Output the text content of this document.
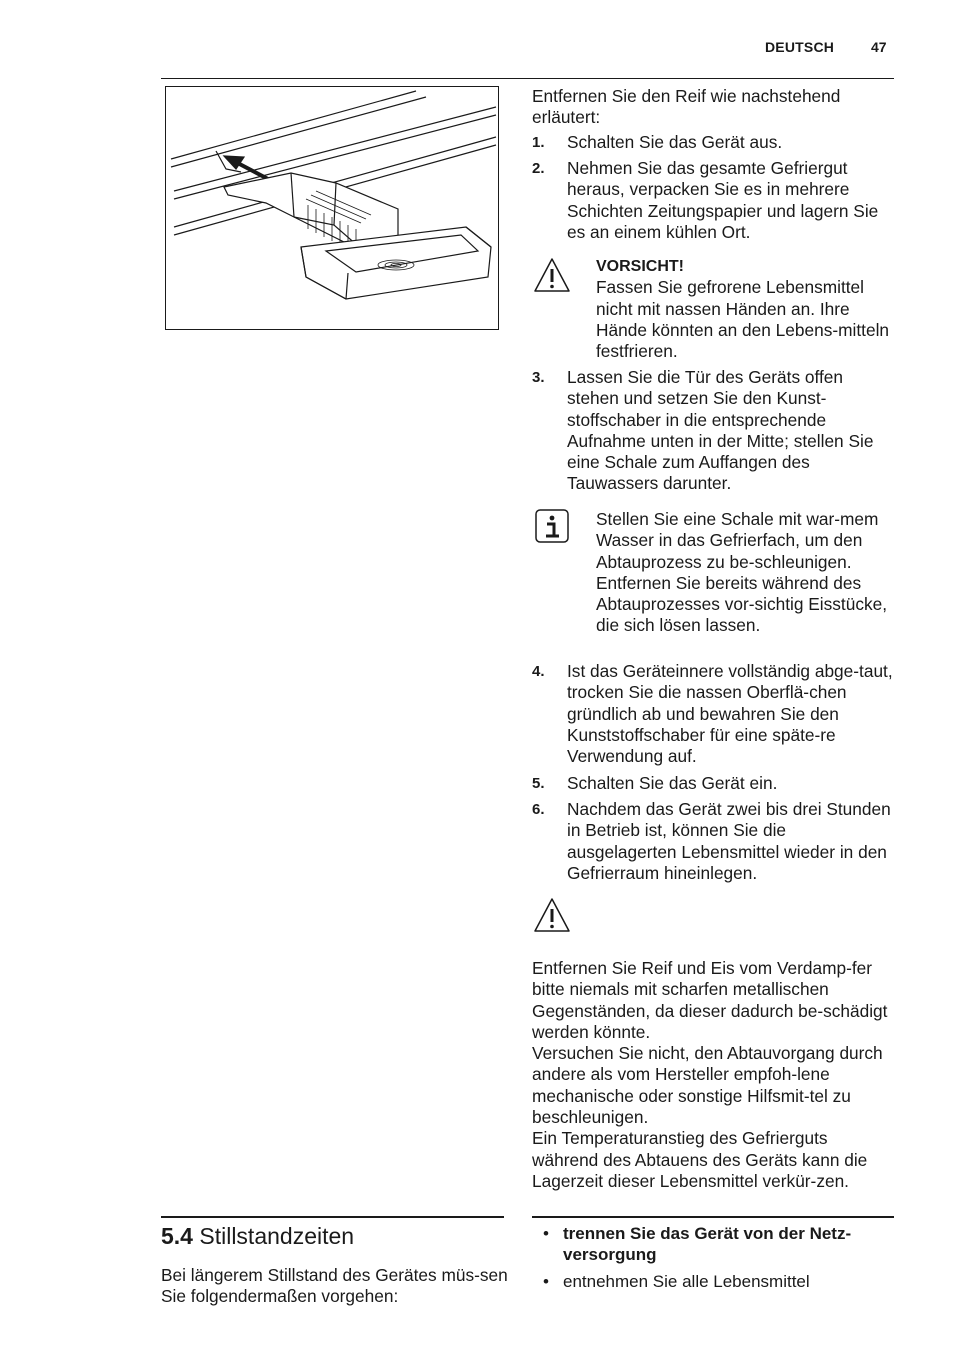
DEUTSCH	47
Entfernen Sie den Reif wie nachstehend erläutert:
1. Schalten Sie das Gerät aus.
2. Nehmen Sie das gesamte Gefriergut heraus, verpacken Sie es in mehrere Schichten Zeitungspapier und lagern Sie es an einem kühlen Ort.
VORSICHT!
Fassen Sie gefrorene Lebensmittel nicht mit nassen Händen an. Ihre Hände könnten an den Lebens-mitteln festfrieren.
3. Lassen Sie die Tür des Geräts offen stehen und setzen Sie den Kunst-stoffschaber in die entsprechende Aufnahme unten in der Mitte; stellen Sie eine Schale zum Auffangen des Tauwassers darunter.
Stellen Sie eine Schale mit war-mem Wasser in das Gefrierfach, um den Abtauprozess zu be-schleunigen. Entfernen Sie bereits während des Abtauprozesses vor-sichtig Eisstücke, die sich lösen lassen.
4. Ist das Geräteinnere vollständig abge-taut, trocken Sie die nassen Oberflä-chen gründlich ab und bewahren Sie den Kunststoffschaber für eine späte-re Verwendung auf.
5. Schalten Sie das Gerät ein.
6. Nachdem das Gerät zwei bis drei Stunden in Betrieb ist, können Sie die ausgelagerten Lebensmittel wieder in den Gefrierraum hineinlegen.

Entfernen Sie Reif und Eis vom Verdamp-fer bitte niemals mit scharfen metallischen Gegenständen, da dieser dadurch be-schädigt werden könnte.

Versuchen Sie nicht, den Abtauvorgang durch andere als vom Hersteller empfoh-lene mechanische oder sonstige Hilfsmit-tel zu beschleunigen.

Ein Temperaturanstieg des Gefrierguts während des Abtauens des Geräts kann die Lagerzeit dieser Lebensmittel verkür-zen.

5.4 Stillstandzeiten
Bei längerem Stillstand des Gerätes müs-sen Sie folgendermaßen vorgehen:
• trennen Sie das Gerät von der Netz-versorgung
• entnehmen Sie alle Lebensmittel
